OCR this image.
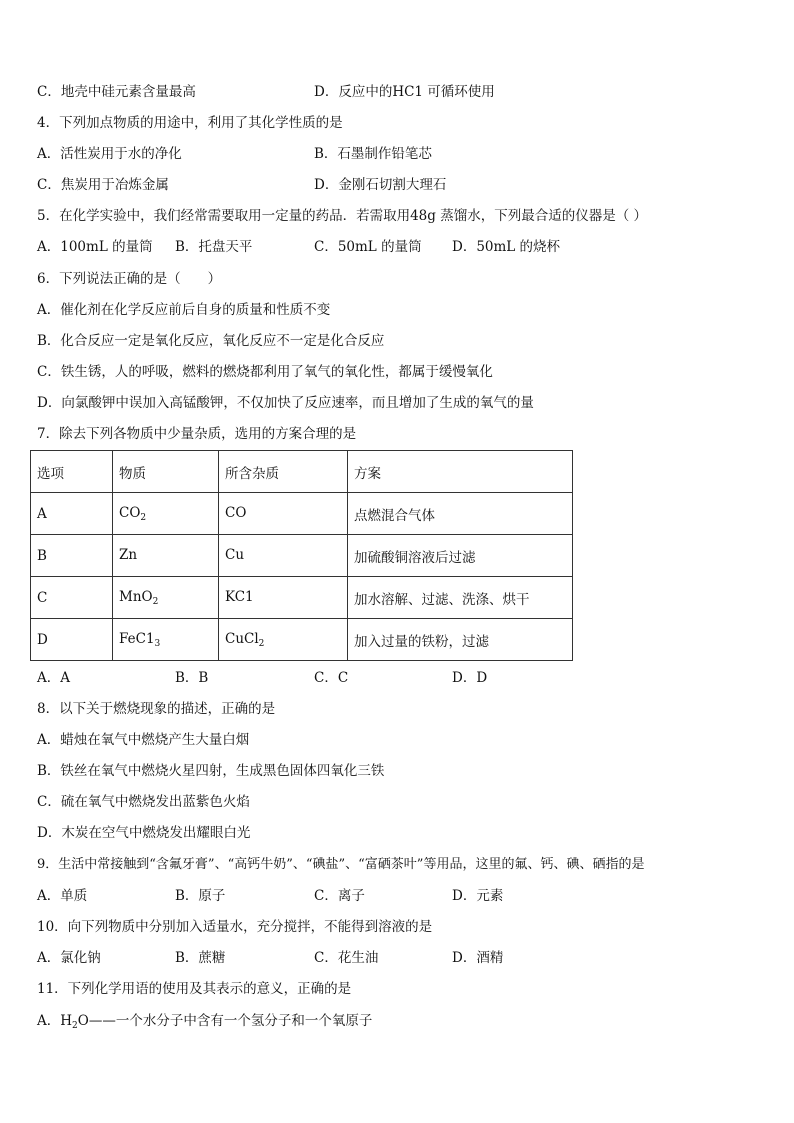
C．地壳中硅元素含量最高	D．反应中的HC1 可循环使用
4．下列加点物质的用途中，利用了其化学性质的是
A．活性炭用于水的净化	B．石墨制作铅笔芯
C．焦炭用于冶炼金属	D．金刚石切割大理石
5．在化学实验中，我们经常需要取用一定量的药品．若需取用48g 蒸馏水，下列最合适的仪器是（ ）
A．100mL 的量筒 B．托盘天平	C．50mL 的量筒 D．50mL 的烧杯
6．下列说法正确的是（　　）
A．催化剂在化学反应前后自身的质量和性质不变
B．化合反应一定是氧化反应，氧化反应不一定是化合反应
C．铁生锈，人的呼吸，燃料的燃烧都利用了氧气的氧化性，都属于缓慢氧化
D．向氯酸钾中误加入高锰酸钾，不仅加快了反应速率，而且增加了生成的氧气的量
7．除去下列各物质中少量杂质，选用的方案合理的是
选项	物质	所含杂质	方案
A	$CO_2$	CO	点燃混合气体
B	Zn	Cu	加硫酸铜溶液后过滤
C	MnO$_2$	KC1	加水溶解、过滤、洗涤、烘干
D	$FeC1_3$	CuCl$_2$	加入过量的铁粉，过滤
A．A	B．B	C．C	D．D
8．以下关于燃烧现象的描述，正确的是
A．蜡烛在氧气中燃烧产生大量白烟
B．铁丝在氧气中燃烧火星四射，生成黑色固体四氧化三铁
C．硫在氧气中燃烧发出蓝紫色火焰
D．木炭在空气中燃烧发出耀眼白光
9．生活中常接触到“含氟牙膏”、“高钙牛奶”、“碘盐”、“富硒茶叶”等用品，这里的氟、钙、碘、硒指的是
A．单质	B．原子	C．离子	D．元素
10．向下列物质中分别加入适量水，充分搅拌，不能得到溶液的是
A．氯化钠	B．蔗糖	C．花生油	D．酒精
11．下列化学用语的使用及其表示的意义，正确的是
A．$H_2O——$一个水分子中含有一个氢分子和一个氧原子
